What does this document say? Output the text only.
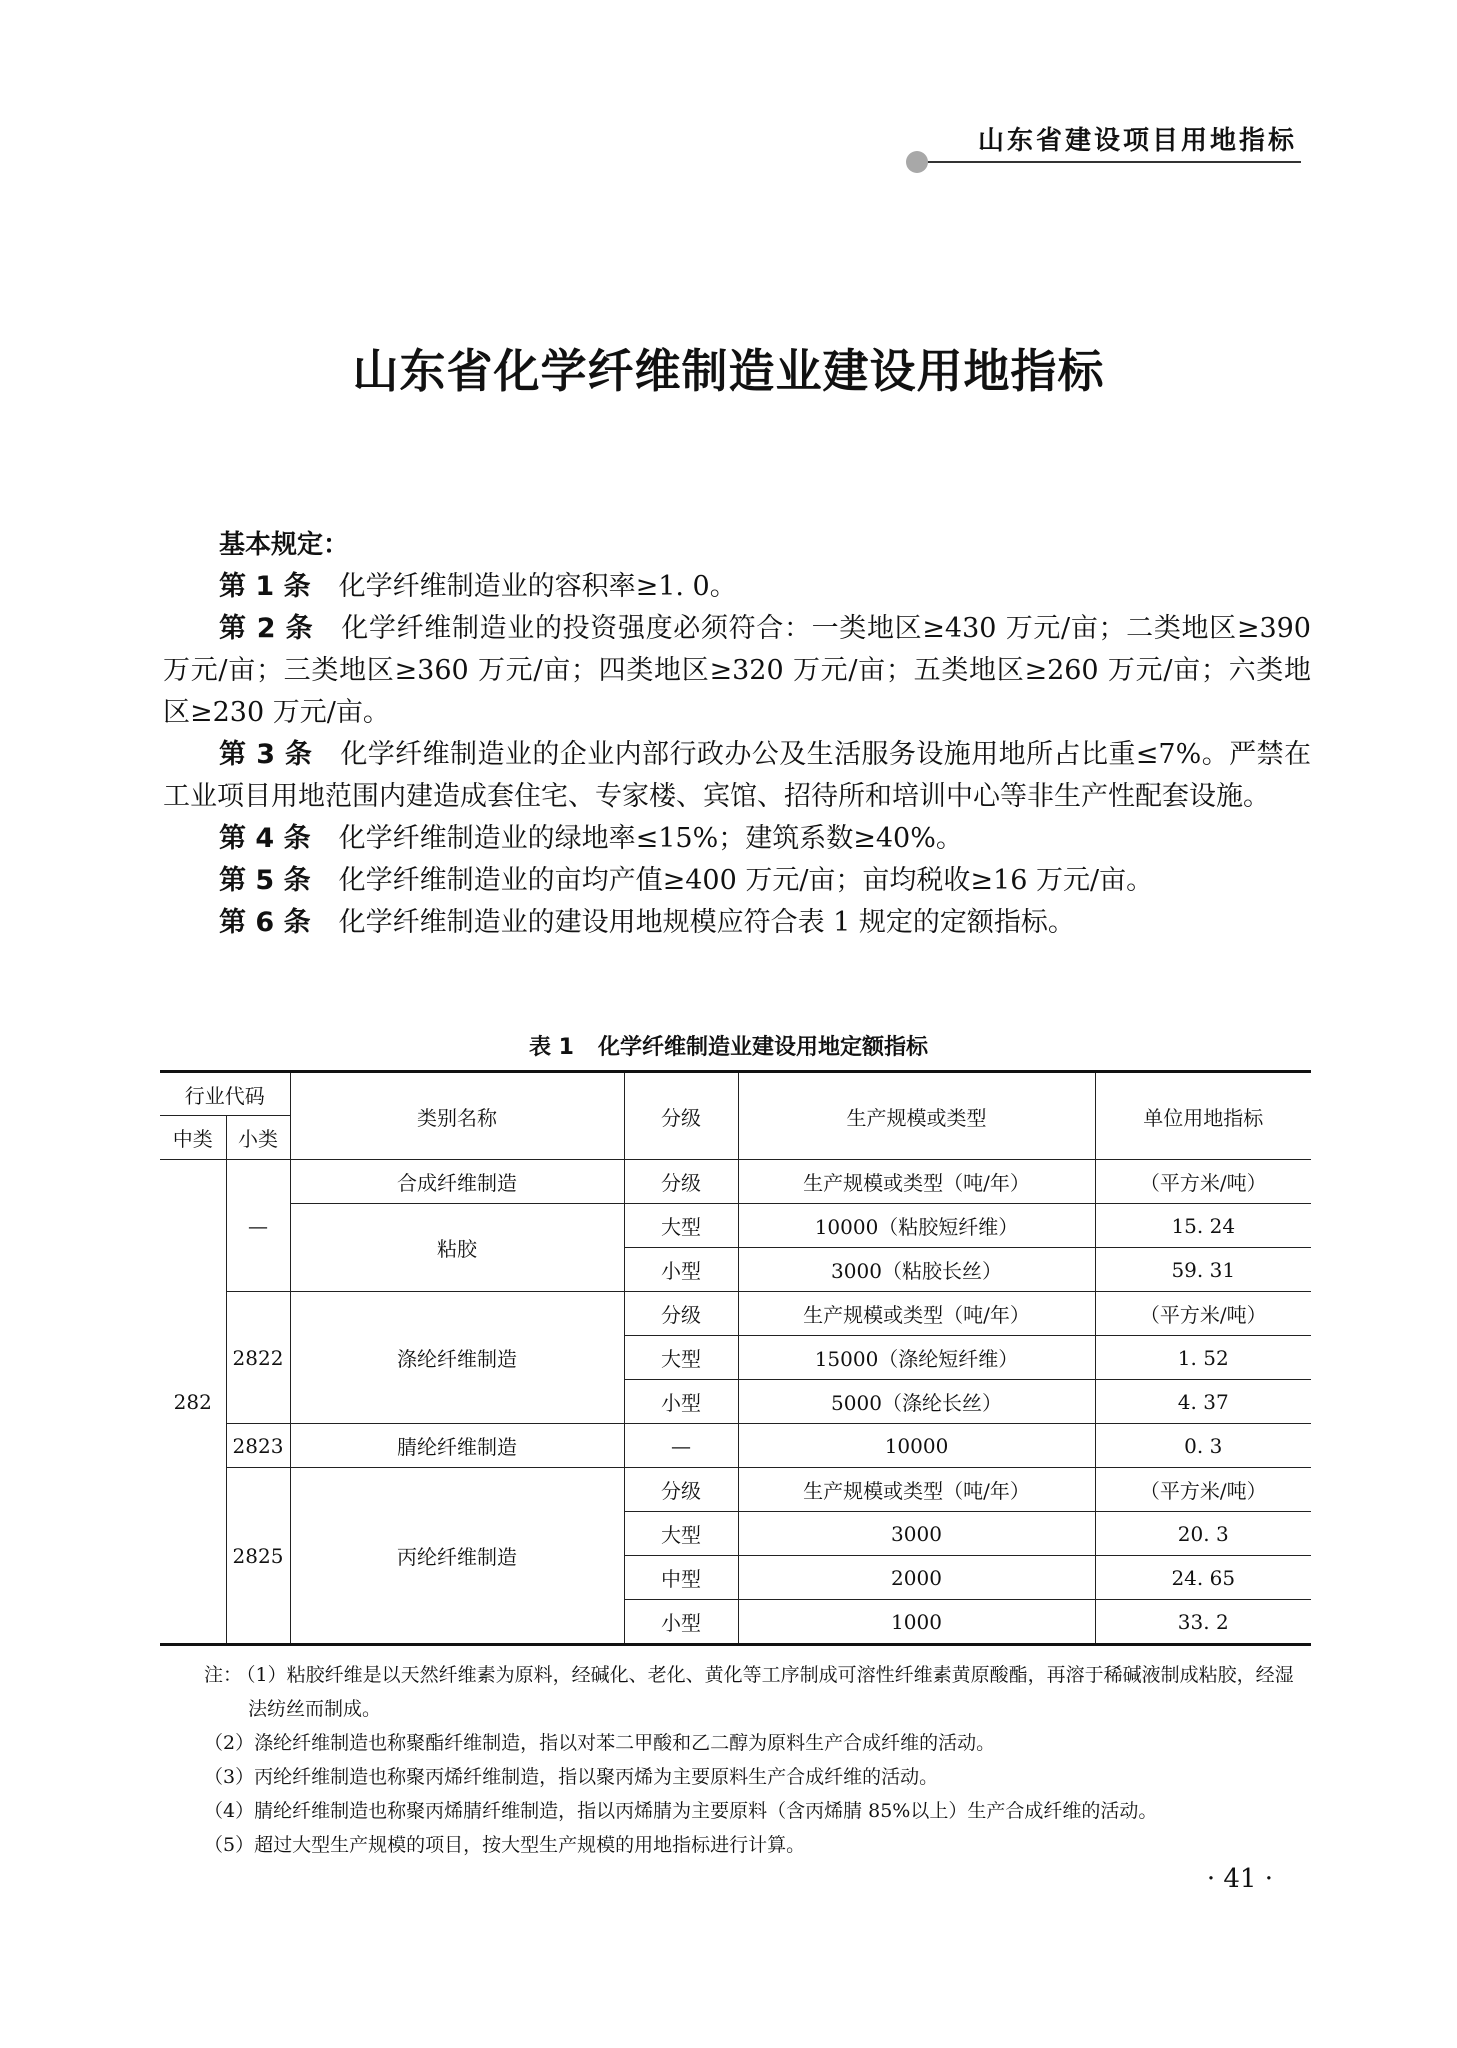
山东省建设项目用地指标
山东省化学纤维制造业建设用地指标

基本规定：

第 1 条 化学纤维制造业的容积率≥1. 0。

第 2 条 化学纤维制造业的投资强度必须符合：一类地区≥430 万元/亩；二类地区≥390 万元/亩；三类地区≥360 万元/亩；四类地区≥320 万元/亩；五类地区≥260 万元/亩；六类地区≥230 万元/亩。

第 3 条 化学纤维制造业的企业内部行政办公及生活服务设施用地所占比重≤7%。严禁在工业项目用地范围内建造成套住宅、专家楼、宾馆、招待所和培训中心等非生产性配套设施。

第 4 条 化学纤维制造业的绿地率≤15%；建筑系数≥40%。

第 5 条 化学纤维制造业的亩均产值≥400 万元/亩；亩均税收≥16 万元/亩。

第 6 条 化学纤维制造业的建设用地规模应符合表 1 规定的定额指标。

表 1 化学纤维制造业建设用地定额指标
行业代码		类别名称	分级	生产规模或类型	单位用地指标
中类	小类				
282	—	合成纤维制造	分级	生产规模或类型（吨/年）	（平方米/吨）
		粘胶	大型	10000（粘胶短纤维）	15. 24
			小型	3000（粘胶长丝）	59. 31
	2822	涤纶纤维制造	分级	生产规模或类型（吨/年）	（平方米/吨）
			大型	15000（涤纶短纤维）	1. 52
			小型	5000（涤纶长丝）	4. 37
	2823	腈纶纤维制造	—	10000	0. 3
	2825	丙纶纤维制造	分级	生产规模或类型（吨/年）	（平方米/吨）
			大型	3000	20. 3
			中型	2000	24. 65
			小型	1000	33. 2

注： （1）粘胶纤维是以天然纤维素为原料，经碱化、老化、黄化等工序制成可溶性纤维素黄原酸酯，再溶于稀碱液制成粘胶，经湿法纺丝而制成。

（2）涤纶纤维制造也称聚酯纤维制造，指以对苯二甲酸和乙二醇为原料生产合成纤维的活动。

（3）丙纶纤维制造也称聚丙烯纤维制造，指以聚丙烯为主要原料生产合成纤维的活动。

（4）腈纶纤维制造也称聚丙烯腈纤维制造，指以丙烯腈为主要原料（含丙烯腈 85%以上）生产合成纤维的活动。

（5）超过大型生产规模的项目，按大型生产规模的用地指标进行计算。

· 41 ·
